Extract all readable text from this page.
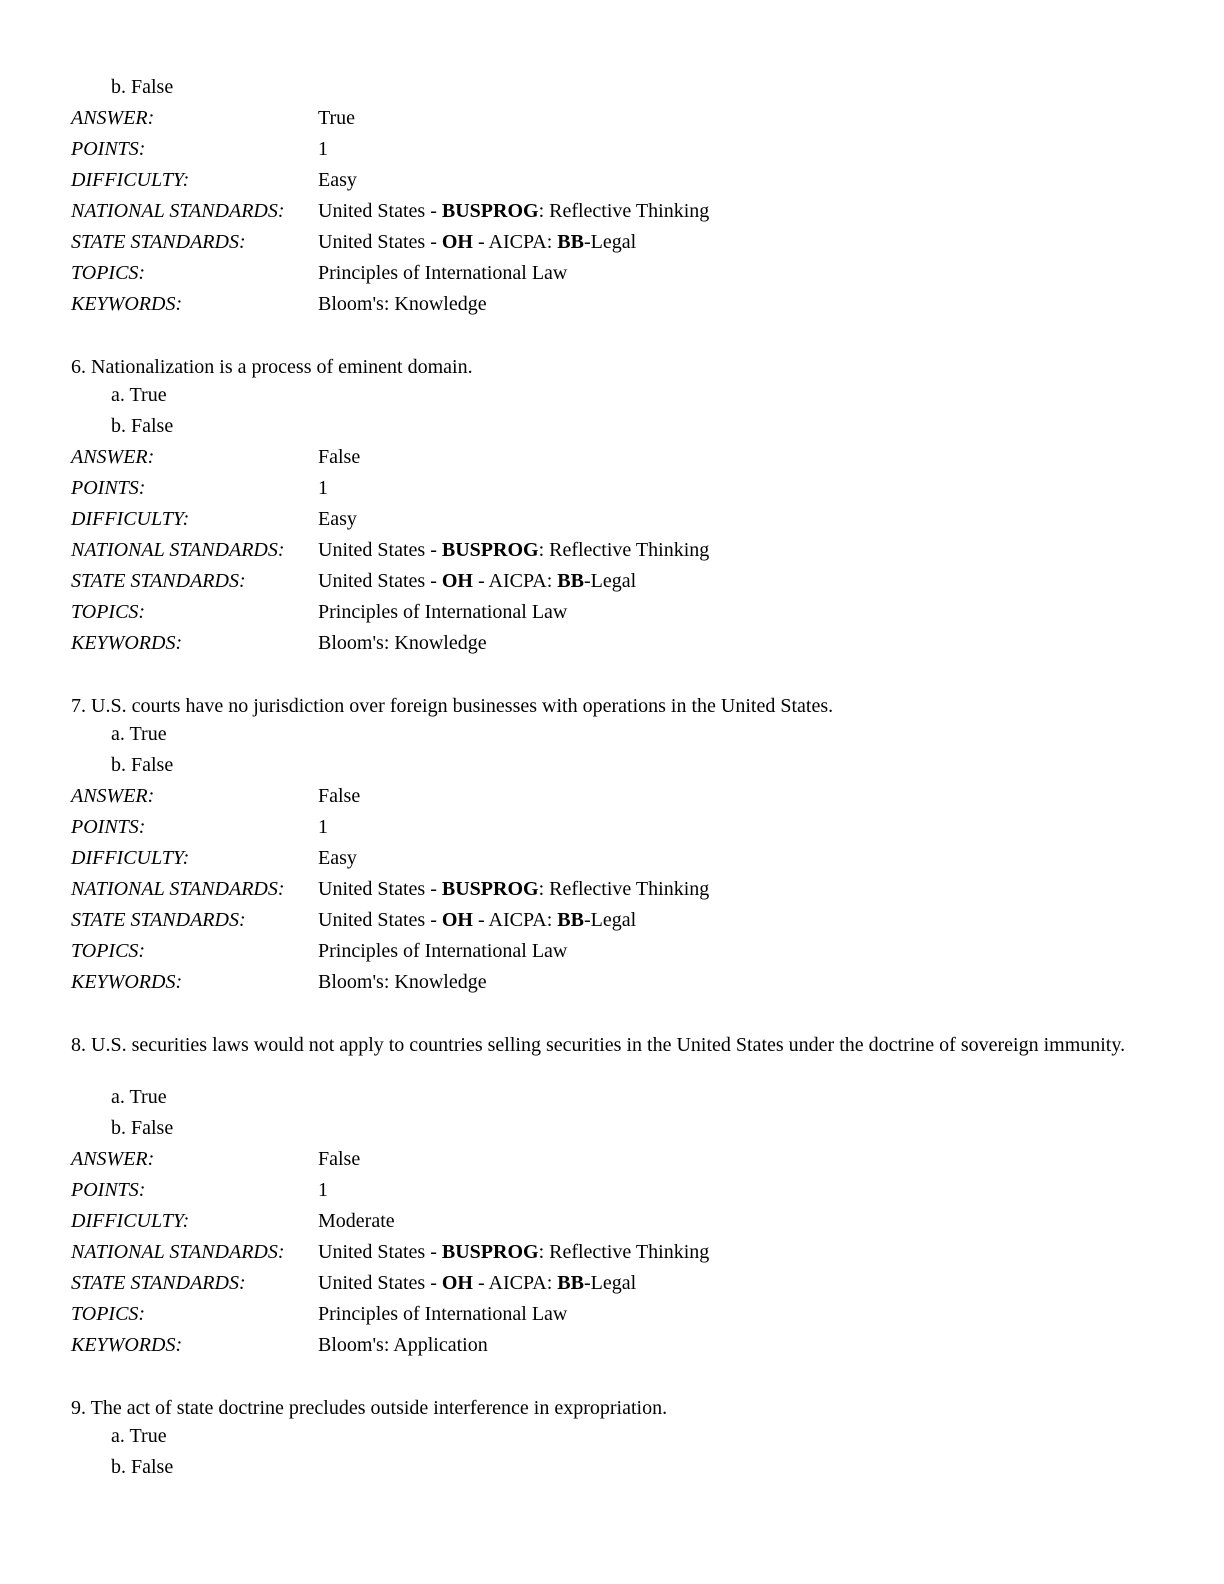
b. False
ANSWER:	True
POINTS:	1
DIFFICULTY:	Easy
NATIONAL STANDARDS: United States - BUSPROG: Reflective Thinking
STATE STANDARDS:	United States - OH - AICPA: BB-Legal
TOPICS:	Principles of International Law
KEYWORDS:	Bloom's: Knowledge
6. Nationalization is a process of eminent domain.
a. True
b. False
ANSWER:	False
POINTS:	1
DIFFICULTY:	Easy
NATIONAL STANDARDS: United States - BUSPROG: Reflective Thinking
STATE STANDARDS:	United States - OH - AICPA: BB-Legal
TOPICS:	Principles of International Law
KEYWORDS:	Bloom's: Knowledge
7. U.S. courts have no jurisdiction over foreign businesses with operations in the United States.
a. True
b. False
ANSWER:	False
POINTS:	1
DIFFICULTY:	Easy
NATIONAL STANDARDS: United States - BUSPROG: Reflective Thinking
STATE STANDARDS:	United States - OH - AICPA: BB-Legal
TOPICS:	Principles of International Law
KEYWORDS:	Bloom's: Knowledge
8. U.S. securities laws would not apply to countries selling securities in the United States under the doctrine of sovereign immunity.
a. True
b. False
ANSWER:	False
POINTS:	1
DIFFICULTY:	Moderate
NATIONAL STANDARDS: United States - BUSPROG: Reflective Thinking
STATE STANDARDS:	United States - OH - AICPA: BB-Legal
TOPICS:	Principles of International Law
KEYWORDS:	Bloom's: Application
9. The act of state doctrine precludes outside interference in expropriation.
a. True
b. False
